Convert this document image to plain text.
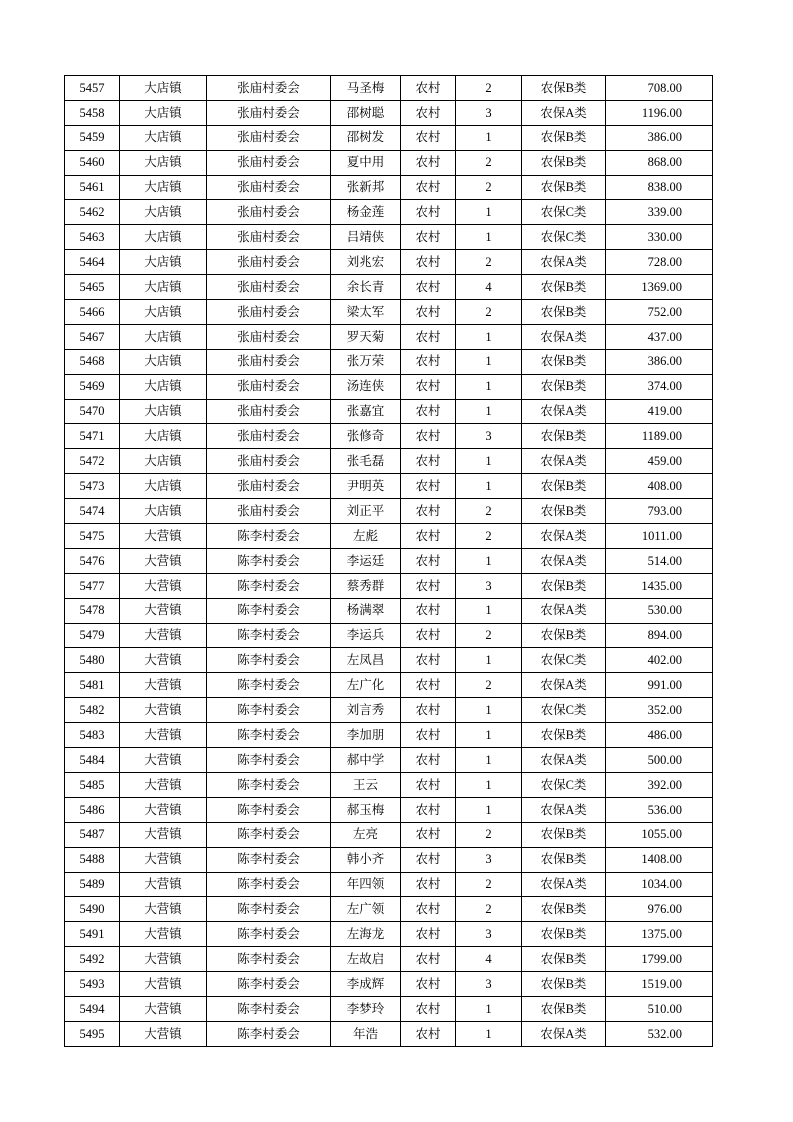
5457	大店镇	张庙村委会	马圣梅	农村	2	农保B类	708.00
5458	大店镇	张庙村委会	邵树聪	农村	3	农保A类	1196.00
5459	大店镇	张庙村委会	邵树发	农村	1	农保B类	386.00
5460	大店镇	张庙村委会	夏中用	农村	2	农保B类	868.00
5461	大店镇	张庙村委会	张新邦	农村	2	农保B类	838.00
5462	大店镇	张庙村委会	杨金莲	农村	1	农保C类	339.00
5463	大店镇	张庙村委会	吕靖侠	农村	1	农保C类	330.00
5464	大店镇	张庙村委会	刘兆宏	农村	2	农保A类	728.00
5465	大店镇	张庙村委会	余长青	农村	4	农保B类	1369.00
5466	大店镇	张庙村委会	梁太军	农村	2	农保B类	752.00
5467	大店镇	张庙村委会	罗天菊	农村	1	农保A类	437.00
5468	大店镇	张庙村委会	张万荣	农村	1	农保B类	386.00
5469	大店镇	张庙村委会	汤连侠	农村	1	农保B类	374.00
5470	大店镇	张庙村委会	张嘉宜	农村	1	农保A类	419.00
5471	大店镇	张庙村委会	张修奇	农村	3	农保B类	1189.00
5472	大店镇	张庙村委会	张毛磊	农村	1	农保A类	459.00
5473	大店镇	张庙村委会	尹明英	农村	1	农保B类	408.00
5474	大店镇	张庙村委会	刘正平	农村	2	农保B类	793.00
5475	大营镇	陈李村委会	左彪	农村	2	农保A类	1011.00
5476	大营镇	陈李村委会	李运廷	农村	1	农保A类	514.00
5477	大营镇	陈李村委会	蔡秀群	农村	3	农保B类	1435.00
5478	大营镇	陈李村委会	杨满翠	农村	1	农保A类	530.00
5479	大营镇	陈李村委会	李运兵	农村	2	农保B类	894.00
5480	大营镇	陈李村委会	左凤昌	农村	1	农保C类	402.00
5481	大营镇	陈李村委会	左广化	农村	2	农保A类	991.00
5482	大营镇	陈李村委会	刘言秀	农村	1	农保C类	352.00
5483	大营镇	陈李村委会	李加朋	农村	1	农保B类	486.00
5484	大营镇	陈李村委会	郝中学	农村	1	农保A类	500.00
5485	大营镇	陈李村委会	王云	农村	1	农保C类	392.00
5486	大营镇	陈李村委会	郝玉梅	农村	1	农保A类	536.00
5487	大营镇	陈李村委会	左亮	农村	2	农保B类	1055.00
5488	大营镇	陈李村委会	韩小齐	农村	3	农保B类	1408.00
5489	大营镇	陈李村委会	年四领	农村	2	农保A类	1034.00
5490	大营镇	陈李村委会	左广领	农村	2	农保B类	976.00
5491	大营镇	陈李村委会	左海龙	农村	3	农保B类	1375.00
5492	大营镇	陈李村委会	左故启	农村	4	农保B类	1799.00
5493	大营镇	陈李村委会	李成辉	农村	3	农保B类	1519.00
5494	大营镇	陈李村委会	李梦玲	农村	1	农保B类	510.00
5495	大营镇	陈李村委会	年浩	农村	1	农保A类	532.00
